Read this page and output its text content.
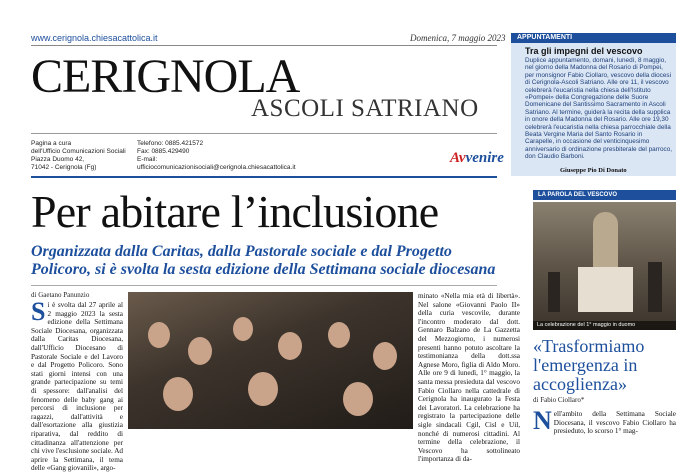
www.cerignola.chiesacattolica.it	Domenica, 7 maggio 2023
CERIGNOLA
ASCOLI SATRIANO
Pagina a cura
dell'Ufficio Comunicazioni Sociali
Piazza Duomo 42,
71042 - Cerignola (Fg)
Telefono: 0885.421572
Fax: 0885.429490
E-mail:
ufficiocomunicazionisociali@cerignola.chiesacattolica.it
Avvenire
APPUNTAMENTI
Tra gli impegni del vescovo
Duplice appuntamento, domani, lunedì, 8 maggio, nel giorno della Madonna del Rosario di Pompei, per monsignor Fabio Ciollaro, vescovo della diocesi di Cerignola-Ascoli Satriano. Alle ore 11, il vescovo celebrerà l'eucaristia nella chiesa dell'Istituto «Pompei» della Congregazione delle Suore Domenicane del Santissimo Sacramento in Ascoli Satriano. Al termine, guiderà la recita della supplica in onore della Madonna del Rosario. Alle ore 19,30 celebrerà l'eucaristia nella chiesa parrocchiale della Beata Vergine Maria del Santo Rosario in Carapelle, in occasione del venticinquesimo anniversario di ordinazione presbiterale del parroco, don Claudio Barboni.
Giuseppe Pio Di Donato
Per abitare l’inclusione
Organizzata dalla Caritas, dalla Pastorale sociale e dal Progetto Policoro, si è svolta la sesta edizione della Settimana sociale diocesana
di Gaetano Panunzio
Si è svolta dal 27 aprile al 2 maggio 2023 la sesta edizione della Settimana Sociale Diocesana, organizzata dalla Caritas Diocesana, dall'Ufficio Diocesano di Pastorale Sociale e del Lavoro e dal Progetto Policoro. Sono stati giorni intensi con una grande partecipazione su temi di spessore: dall'analisi del fenomeno delle baby gang ai percorsi di inclusione per ragazzi, dall'attività e dall'esortazione alla giustizia riparativa, dal reddito di cittadinanza all'attenzione per chi vive l'esclusione sociale. Ad aprire la Settimana, il tema delle «Gang giovanili», argo-
minato «Nella mia età di libertà». Nel salone «Giovanni Paolo II» della curia vescovile, durante l'incontro moderato dal dott. Gennaro Balzano de La Gazzetta del Mezzogiorno, i numerosi presenti hanno potuto ascoltare la testimonianza della dott.ssa Agnese Moro, figlia di Aldo Moro. Alle ore 9 di lunedì, 1° maggio, la santa messa presieduta dal vescovo Fabio Ciollaro nella cattedrale di Cerignola ha inaugurato la Festa dei Lavoratori. La celebrazione ha registrato la partecipazione delle sigle sindacali Cgil, Cisl e Uil, nonché di numerosi cittadini. Al termine della celebrazione, il Vescovo ha sottolineato l'importanza di da-
LA PAROLA DEL VESCOVO
La celebrazione del 1° maggio in duomo
«Trasformiamo l'emergenza in accoglienza»
di Fabio Ciollaro*
Nell'ambito della Settimana Sociale Diocesana, il vescovo Fabio Ciollaro ha presieduto, lo scorso 1° mag-
